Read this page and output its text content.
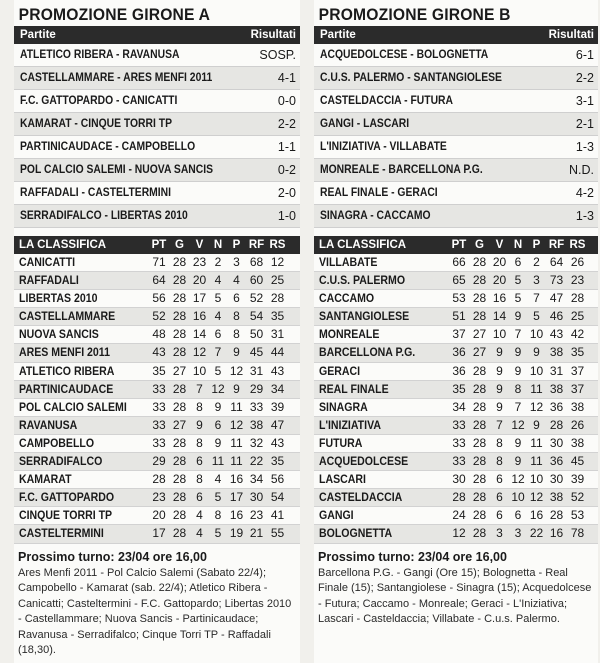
PROMOZIONE GIRONE A
Partite	Risultati
ATLETICO RIBERA - RAVANUSA	SOSP.
CASTELLAMMARE - ARES MENFI 2011	4-1
F.C. GATTOPARDO - CANICATTI	0-0
KAMARAT - CINQUE TORRI TP	2-2
PARTINICAUDACE - CAMPOBELLO	1-1
POL CALCIO SALEMI - NUOVA SANCIS	0-2
RAFFADALI - CASTELTERMINI	2-0
SERRADIFALCO - LIBERTAS 2010	1-0
LA CLASSIFICA	PT G	V N P RF RS
CANICATTI	71 28 23 2 3 68 12
RAFFADALI	64 28 20 4 4 60 25
LIBERTAS 2010	56 28 17 5 6 52 28
CASTELLAMMARE	52 28 16 4 8 54 35
NUOVA SANCIS	48 28 14 6 8 50 31
ARES MENFI 2011	43 28 12 7 9 45 44
ATLETICO RIBERA	35 27 10 5 12 31 43
PARTINICAUDACE	33 28 7 12 9 29 34
POL CALCIO SALEMI	33 28 8 9 11 33 39
RAVANUSA	33 27 9 6 12 38 47
CAMPOBELLO	33 28 8 9 11 32 43
SERRADIFALCO	29 28 6 11 11 22 35
KAMARAT	28 28 8 4 16 34 56
F.C. GATTOPARDO	23 28 6 5 17 30 54
CINQUE TORRI TP	20 28 4 8 16 23 41
CASTELTERMINI	17 28 4 5 19 21 55
Prossimo turno: 23/04 ore 16,00
Ares Menfi 2011 - Pol Calcio Salemi (Sabato 22/4); Campobello - Kamarat (sab. 22/4); Atletico Ribera - Canicatti; Casteltermini - F.C. Gattopardo; Libertas 2010 - Castellammare; Nuova Sancis - Partinicaudace; Ravanusa - Serradifalco; Cinque Torri TP - Raffadali (18,30).
PROMOZIONE GIRONE B
Partite	Risultati
ACQUEDOLCESE - BOLOGNETTA	6-1
C.U.S. PALERMO - SANTANGIOLESE	2-2
CASTELDACCIA - FUTURA	3-1
GANGI - LASCARI	2-1
L'INIZIATIVA - VILLABATE	1-3
MONREALE - BARCELLONA P.G.	N.D.
REAL FINALE - GERACI	4-2
SINAGRA - CACCAMO	1-3
LA CLASSIFICA	PT G	V N P RF RS
VILLABATE	66 28 20 6 2 64 26
C.U.S. PALERMO	65 28 20 5 3 73 23
CACCAMO	53 28 16 5 7 47 28
SANTANGIOLESE	51 28 14 9 5 46 25
MONREALE	37 27 10 7 10 43 42
BARCELLONA P.G.	36 27 9 9 9 38 35
GERACI	36 28 9 9 10 31 37
REAL FINALE	35 28 9 8 11 38 37
SINAGRA	34 28 9 7 12 36 38
L'INIZIATIVA	33 28 7 12 9 28 26
FUTURA	33 28 8 9 11 30 38
ACQUEDOLCESE	33 28 8 9 11 36 45
LASCARI	30 28 6 12 10 30 39
CASTELDACCIA	28 28 6 10 12 38 52
GANGI	24 28 6 6 16 28 53
BOLOGNETTA	12 28 3 3 22 16 78
Prossimo turno: 23/04 ore 16,00
Barcellona P.G. - Gangi (Ore 15); Bolognetta - Real Finale (15); Santangiolese - Sinagra (15); Acquedolcese - Futura; Caccamo - Monreale; Geraci - L'Iniziativa; Lascari - Casteldaccia; Villabate - C.u.s. Palermo.
